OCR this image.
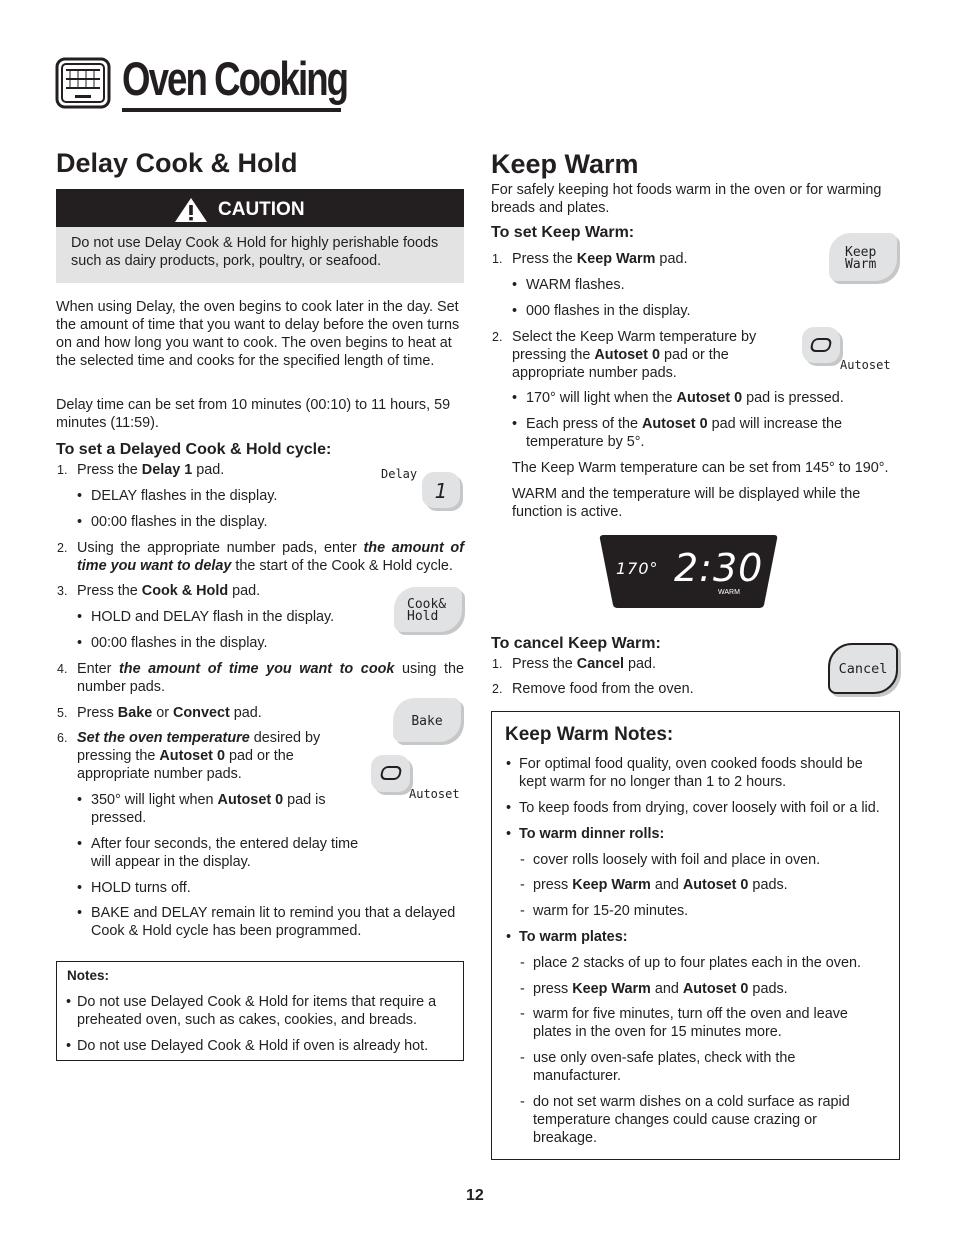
Oven Cooking
Delay Cook & Hold
CAUTION
Do not use Delay Cook & Hold for highly perishable foods such as dairy products, pork, poultry, or seafood.
When using Delay, the oven begins to cook later in the day. Set the amount of time that you want to delay before the oven turns on and how long you want to cook. The oven begins to heat at the selected time and cooks for the specified length of time.
Delay time can be set from 10 minutes (00:10) to 11 hours, 59 minutes (11:59).
To set a Delayed Cook & Hold cycle:
1. Press the Delay 1 pad.
• DELAY flashes in the display.
• 00:00 flashes in the display.
2. Using the appropriate number pads, enter the amount of time you want to delay the start of the Cook & Hold cycle.
3. Press the Cook & Hold pad.
• HOLD and DELAY flash in the display.
• 00:00 flashes in the display.
4. Enter the amount of time you want to cook using the number pads.
5. Press Bake or Convect pad.
6. Set the oven temperature desired by pressing the Autoset 0 pad or the appropriate number pads.
• 350° will light when Autoset 0 pad is pressed.
• After four seconds, the entered delay time will appear in the display.
• HOLD turns off.
• BAKE and DELAY remain lit to remind you that a delayed Cook & Hold cycle has been programmed.
Delay
1
Cook&
Hold
Bake
Autoset
Notes:
• Do not use Delayed Cook & Hold for items that require a preheated oven, such as cakes, cookies, and breads.
• Do not use Delayed Cook & Hold if oven is already hot.
Keep Warm
For safely keeping hot foods warm in the oven or for warming breads and plates.
To set Keep Warm:
1. Press the Keep Warm pad.
• WARM flashes.
• 000 flashes in the display.
2. Select the Keep Warm temperature by pressing the Autoset 0 pad or the appropriate number pads.
• 170° will light when the Autoset 0 pad is pressed.
• Each press of the Autoset 0 pad will increase the temperature by 5°.
The Keep Warm temperature can be set from 145° to 190°.
WARM and the temperature will be displayed while the function is active.
Keep
Warm
Autoset
170° 2:30
WARM
To cancel Keep Warm:
1. Press the Cancel pad.
2. Remove food from the oven.
Cancel
Keep Warm Notes:
• For optimal food quality, oven cooked foods should be kept warm for no longer than 1 to 2 hours.
• To keep foods from drying, cover loosely with foil or a lid.
• To warm dinner rolls:
- cover rolls loosely with foil and place in oven.
- press Keep Warm and Autoset 0 pads.
- warm for 15-20 minutes.
• To warm plates:
- place 2 stacks of up to four plates each in the oven.
- press Keep Warm and Autoset 0 pads.
- warm for five minutes, turn off the oven and leave plates in the oven for 15 minutes more.
- use only oven-safe plates, check with the manufacturer.
- do not set warm dishes on a cold surface as rapid temperature changes could cause crazing or breakage.
12
